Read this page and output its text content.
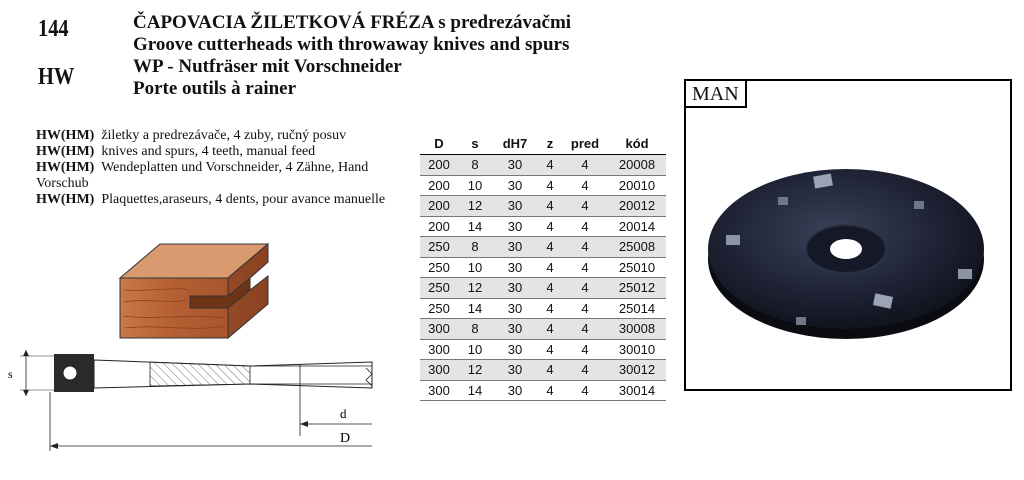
144
HW
ČAPOVACIA ŽILETKOVÁ FRÉZA s predrezávačmi
Groove cutterheads with throwaway knives and spurs
WP - Nutfräser mit Vorschneider
Porte outils à rainer
HW(HM) žiletky a predrezávače, 4 zuby, ručný posuv
HW(HM) knives and spurs, 4 teeth, manual feed
HW(HM) Wendeplatten und Vorschneider, 4 Zähne, Hand Vorschub
HW(HM) Plaquettes,araseurs, 4 dents, pour avance manuelle
s
d
D
D	s	dH7	z	pred	kód
200	8	30	4	4	20008
200	10	30	4	4	20010
200	12	30	4	4	20012
200	14	30	4	4	20014
250	8	30	4	4	25008
250	10	30	4	4	25010
250	12	30	4	4	25012
250	14	30	4	4	25014
300	8	30	4	4	30008
300	10	30	4	4	30010
300	12	30	4	4	30012
300	14	30	4	4	30014
MAN
